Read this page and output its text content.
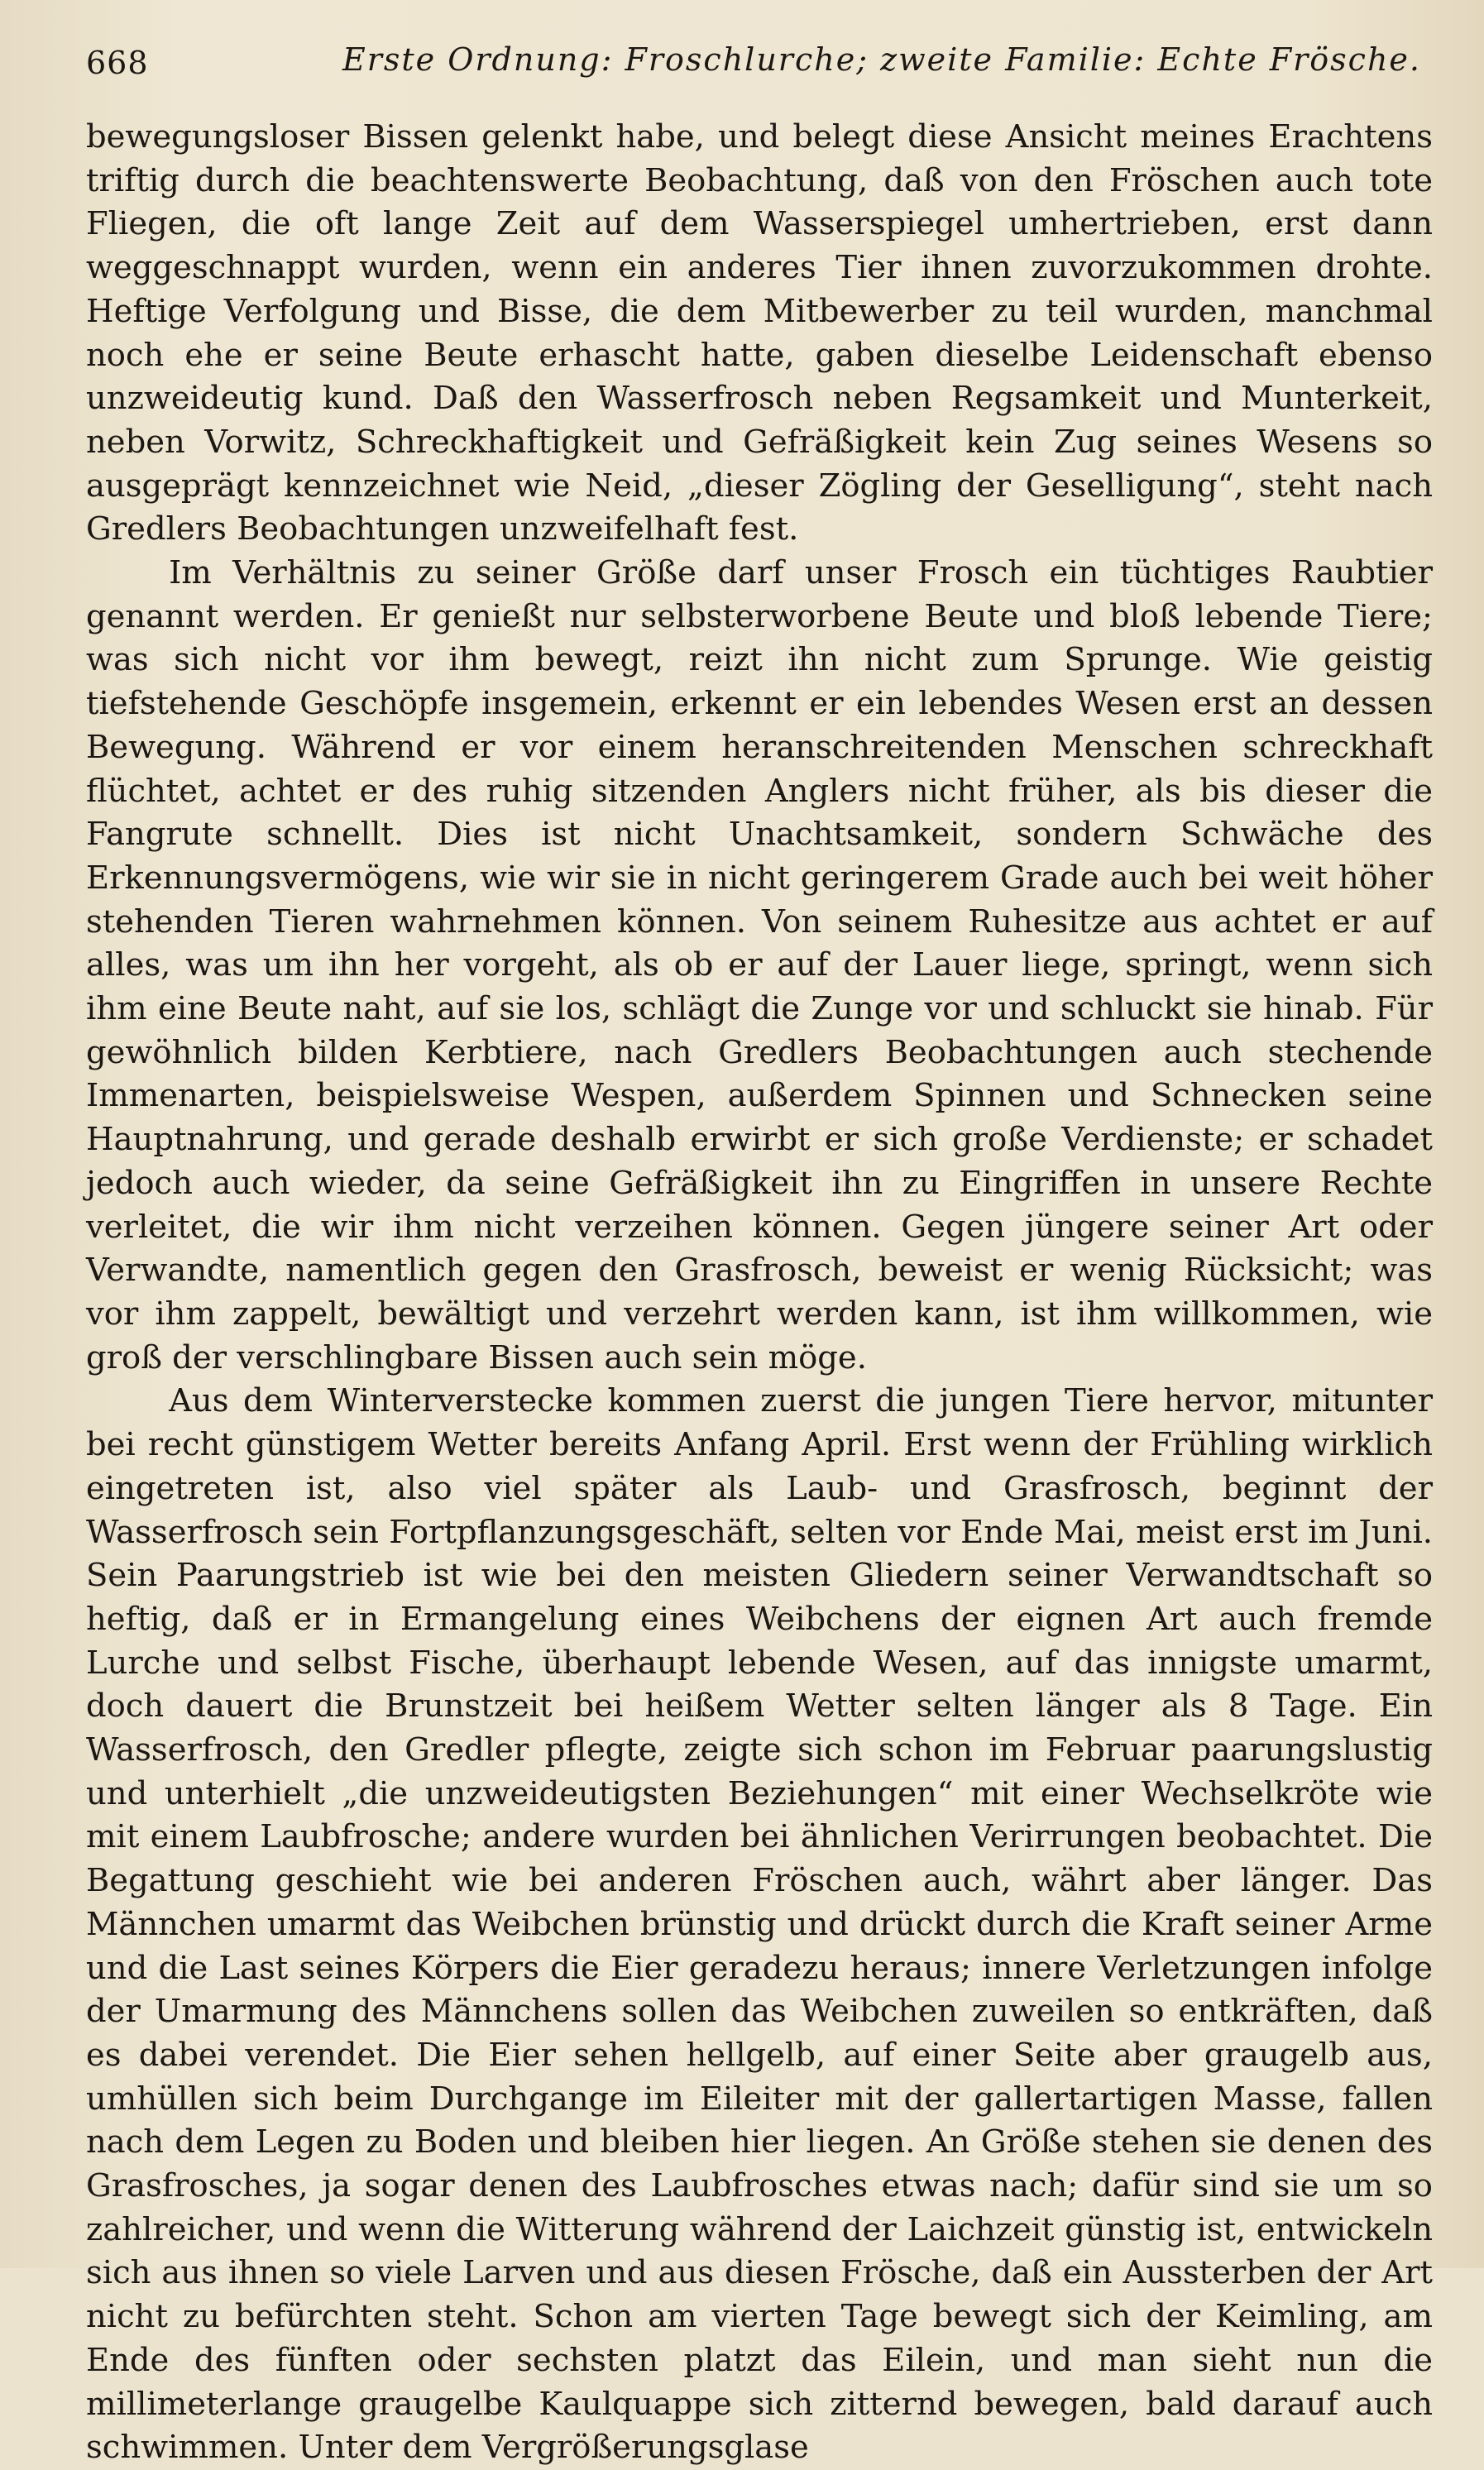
668	Erste Ordnung: Froschlurche; zweite Familie: Echte Frösche.

bewegungsloser Bissen gelenkt habe, und belegt diese Ansicht meines Erachtens triftig durch die beachtenswerte Beobachtung, daß von den Fröschen auch tote Fliegen, die oft lange Zeit auf dem Wasserspiegel umhertrieben, erst dann weggeschnappt wurden, wenn ein anderes Tier ihnen zuvorzukommen drohte. Heftige Verfolgung und Bisse, die dem Mitbewerber zu teil wurden, manchmal noch ehe er seine Beute erhascht hatte, gaben dieselbe Leidenschaft ebenso unzweideutig kund. Daß den Wasserfrosch neben Regsamkeit und Munterkeit, neben Vorwitz, Schreckhaftigkeit und Gefräßigkeit kein Zug seines Wesens so ausgeprägt kennzeichnet wie Neid, „dieser Zögling der Geselligung“, steht nach Gredlers Beobachtungen unzweifelhaft fest.

Im Verhältnis zu seiner Größe darf unser Frosch ein tüchtiges Raubtier genannt werden. Er genießt nur selbsterworbene Beute und bloß lebende Tiere; was sich nicht vor ihm bewegt, reizt ihn nicht zum Sprunge. Wie geistig tiefstehende Geschöpfe insgemein, erkennt er ein lebendes Wesen erst an dessen Bewegung. Während er vor einem heranschreitenden Menschen schreckhaft flüchtet, achtet er des ruhig sitzenden Anglers nicht früher, als bis dieser die Fangrute schnellt. Dies ist nicht Unachtsamkeit, sondern Schwäche des Erkennungsvermögens, wie wir sie in nicht geringerem Grade auch bei weit höher stehenden Tieren wahrnehmen können. Von seinem Ruhesitze aus achtet er auf alles, was um ihn her vorgeht, als ob er auf der Lauer liege, springt, wenn sich ihm eine Beute naht, auf sie los, schlägt die Zunge vor und schluckt sie hinab. Für gewöhnlich bilden Kerbtiere, nach Gredlers Beobachtungen auch stechende Immenarten, beispielsweise Wespen, außerdem Spinnen und Schnecken seine Hauptnahrung, und gerade deshalb erwirbt er sich große Verdienste; er schadet jedoch auch wieder, da seine Gefräßigkeit ihn zu Eingriffen in unsere Rechte verleitet, die wir ihm nicht verzeihen können. Gegen jüngere seiner Art oder Verwandte, namentlich gegen den Grasfrosch, beweist er wenig Rücksicht; was vor ihm zappelt, bewältigt und verzehrt werden kann, ist ihm willkommen, wie groß der verschlingbare Bissen auch sein möge.

Aus dem Winterverstecke kommen zuerst die jungen Tiere hervor, mitunter bei recht günstigem Wetter bereits Anfang April. Erst wenn der Frühling wirklich eingetreten ist, also viel später als Laub- und Grasfrosch, beginnt der Wasserfrosch sein Fortpflanzungsgeschäft, selten vor Ende Mai, meist erst im Juni. Sein Paarungstrieb ist wie bei den meisten Gliedern seiner Verwandtschaft so heftig, daß er in Ermangelung eines Weibchens der eignen Art auch fremde Lurche und selbst Fische, überhaupt lebende Wesen, auf das innigste umarmt, doch dauert die Brunstzeit bei heißem Wetter selten länger als 8 Tage. Ein Wasserfrosch, den Gredler pflegte, zeigte sich schon im Februar paarungslustig und unterhielt „die unzweideutigsten Beziehungen“ mit einer Wechselkröte wie mit einem Laubfrosche; andere wurden bei ähnlichen Verirrungen beobachtet. Die Begattung geschieht wie bei anderen Fröschen auch, währt aber länger. Das Männchen umarmt das Weibchen brünstig und drückt durch die Kraft seiner Arme und die Last seines Körpers die Eier geradezu heraus; innere Verletzungen infolge der Umarmung des Männchens sollen das Weibchen zuweilen so entkräften, daß es dabei verendet. Die Eier sehen hellgelb, auf einer Seite aber graugelb aus, umhüllen sich beim Durchgange im Eileiter mit der gallertartigen Masse, fallen nach dem Legen zu Boden und bleiben hier liegen. An Größe stehen sie denen des Grasfrosches, ja sogar denen des Laubfrosches etwas nach; dafür sind sie um so zahlreicher, und wenn die Witterung während der Laichzeit günstig ist, entwickeln sich aus ihnen so viele Larven und aus diesen Frösche, daß ein Aussterben der Art nicht zu befürchten steht. Schon am vierten Tage bewegt sich der Keimling, am Ende des fünften oder sechsten platzt das Eilein, und man sieht nun die millimeterlange graugelbe Kaulquappe sich zitternd bewegen, bald darauf auch schwimmen. Unter dem Vergrößerungsglase
